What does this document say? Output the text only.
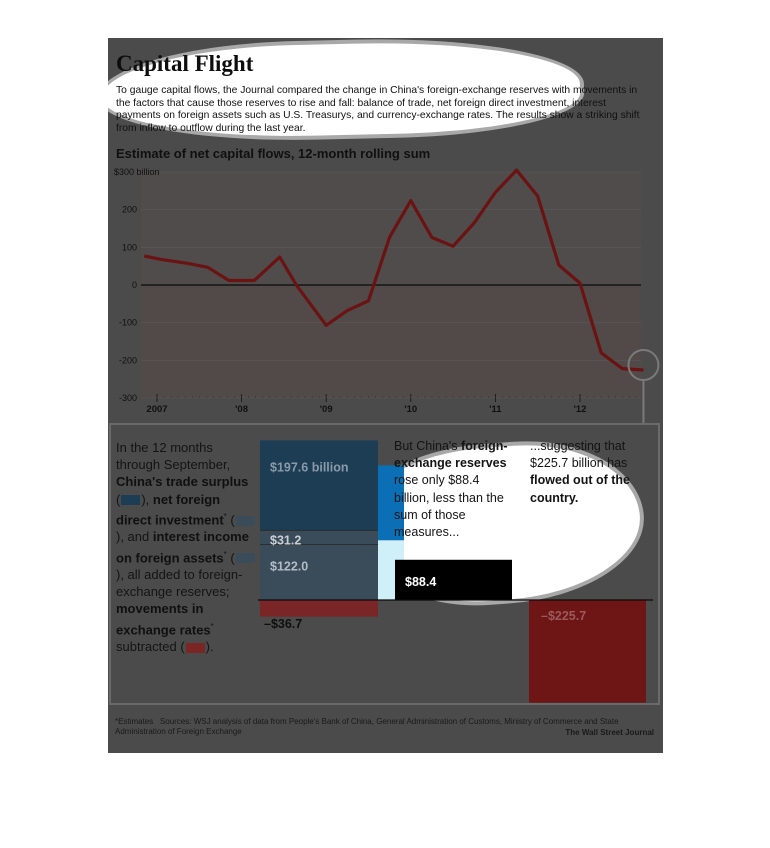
Capital Flight
To gauge capital flows, the Journal compared the change in China's foreign-exchange reserves with movements in the factors that cause those reserves to rise and fall: balance of trade, net foreign direct investment, interest payments on foreign assets such as U.S. Treasurys, and currency-exchange rates. The results show a striking shift from inflow to outflow during the last year.
Estimate of net capital flows, 12-month rolling sum
$300 billion
200
100
0
-100
-200
-300
2007	'08	'09	'10	'11	'12
$197.6 billion
$31.2
$122.0
–$36.7
$88.4
–$225.7
In the 12 months through September, China's trade surplus ( ), net foreign direct investment* (), and interest income on foreign assets* (), all added to foreign-exchange reserves; movements in exchange rates* subtracted ( ).
But China's foreign-exchange reserves rose only $88.4 billion, less than the sum of those measures...
...suggesting that $225.7 billion has flowed out of the country.
*Estimates Sources: WSJ analysis of data from People's Bank of China, General Administration of Customs, Ministry of Commerce and State Administration of Foreign Exchange	The Wall Street Journal
